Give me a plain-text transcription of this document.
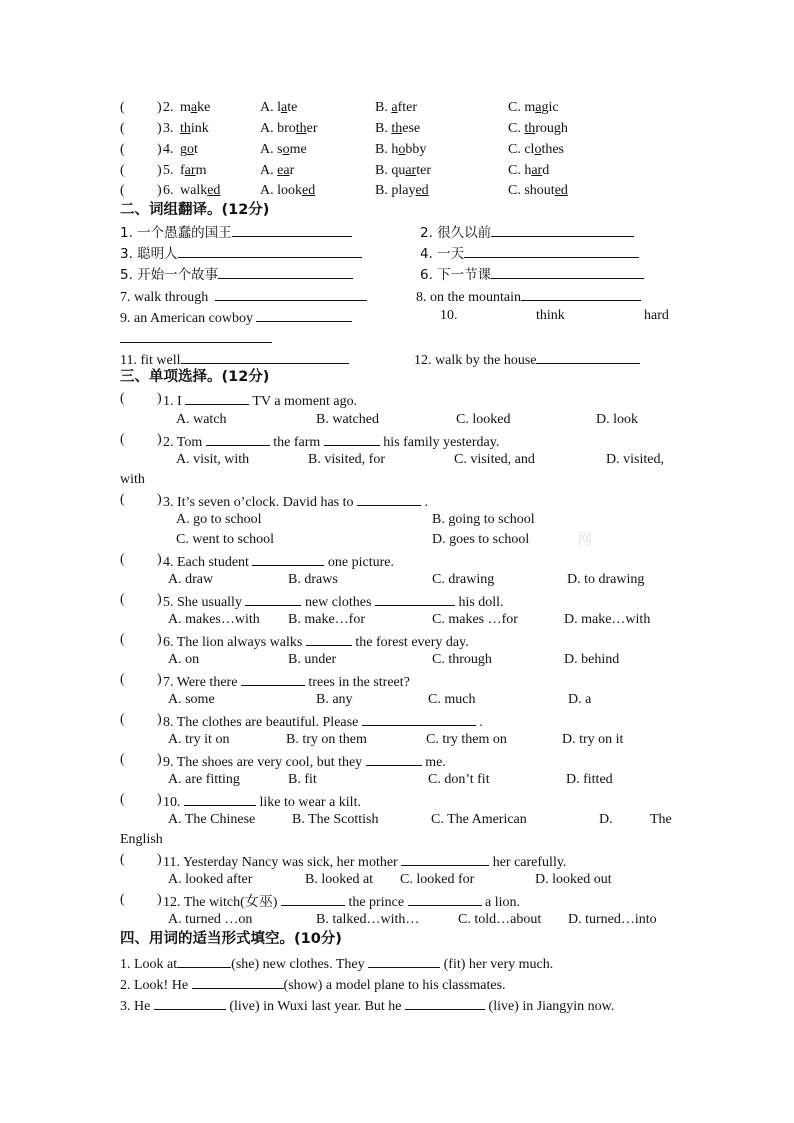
( ) 2. make	A. late	B. after	C. magic
( ) 3. think	A. brother	B. these	C. through
( ) 4. got	A. some	B. hobby	C. clothes
( ) 5. farm	A. ear	B. quarter	C. hard
( ) 6. walked	A. looked	B. played	C. shouted
二、词组翻译。(12分)
1. 一个愚蠢的国王	2. 很久以前
3. 聪明人	4. 一天
5. 开始一个故事	6. 下一节课
7. walk through	8. on the mountain
9. an American cowboy	10.	think	hard
11. fit well	12. walk by the house
三、单项选择。(12分)
( ) 1. I	TV a moment ago.
A. watch	B. watched	C. looked	D. look
( ) 2. Tom	the farm	his family yesterday.
A. visit, with	B. visited, for	C. visited, and	D. visited,
with
( ) 3. It’s seven o’clock. David has to	.
A. go to school	B. going to school
C. went to school	D. goes to school	网
( ) 4. Each student	one picture.
A. draw	B. draws	C. drawing	D. to drawing
( ) 5. She usually	new clothes	his doll.
A. makes…with B. make…for	C. makes …for	D. make…with
( ) 6. The lion always walks	the forest every day.
A. on	B. under	C. through	D. behind
( ) 7. Were there	trees in the street?
A. some	B. any	C. much	D. a
( ) 8. The clothes are beautiful. Please	.
A. try it on	B. try on them	C. try them on	D. try on it
( ) 9. The shoes are very cool, but they	me.
A. are fitting	B. fit	C. don’t fit	D. fitted
( ) 10.	like to wear a kilt.
A. The Chinese	B. The Scottish	C. The American	D.	The
English
( ) 11. Yesterday Nancy was sick, her mother	her carefully.
A. looked after	B. looked at C. looked for	D. looked out
( ) 12. The witch(女巫)	the prince	a lion.
A. turned …on	B. talked…with…	C. told…about D. turned…into
四、用词的适当形式填空。(10分)
1. Look at	(she) new clothes. They	(fit) her very much.
2. Look! He	(show) a model plane to his classmates.
3. He	(live) in Wuxi last year. But he	(live) in Jiangyin now.
